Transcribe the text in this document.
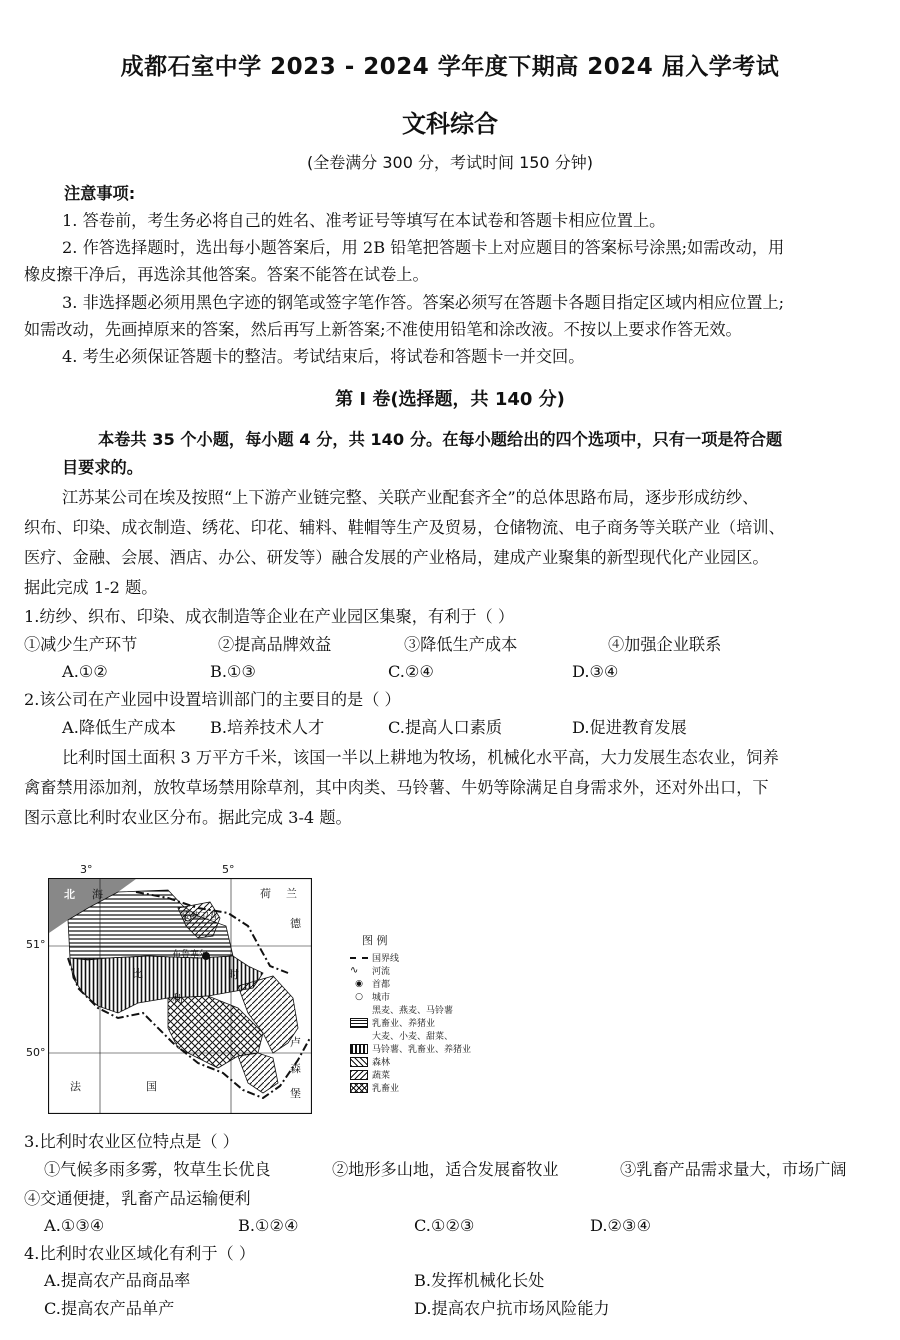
成都石室中学 2023 - 2024 学年度下期高 2024 届入学考试
文科综合
(全卷满分 300 分，考试时间 150 分钟)
注意事项:
1. 答卷前，考生务必将自己的姓名、准考证号等填写在本试卷和答题卡相应位置上。
2. 作答选择题时，选出每小题答案后，用 2B 铅笔把答题卡上对应题目的答案标号涂黑;如需改动，用
橡皮擦干净后，再选涂其他答案。答案不能答在试卷上。
3. 非选择题必须用黑色字迹的钢笔或签字笔作答。答案必须写在答题卡各题目指定区域内相应位置上;
如需改动，先画掉原来的答案，然后再写上新答案;不准使用铅笔和涂改液。不按以上要求作答无效。
4. 考生必须保证答题卡的整洁。考试结束后，将试卷和答题卡一并交回。
第 I 卷(选择题，共 140 分)
本卷共 35 个小题，每小题 4 分，共 140 分。在每小题给出的四个选项中，只有一项是符合题
目要求的。
江苏某公司在埃及按照“上下游产业链完整、关联产业配套齐全”的总体思路布局，逐步形成纺纱、
织布、印染、成衣制造、绣花、印花、辅料、鞋帽等生产及贸易，仓储物流、电子商务等关联产业（培训、
医疗、金融、会展、酒店、办公、研发等）融合发展的产业格局，建成产业聚集的新型现代化产业园区。
据此完成 1-2 题。
1.纺纱、织布、印染、成衣制造等企业在产业园区集聚，有利于（ ）
①减少生产环节	②提高品牌效益	③降低生产成本	④加强企业联系
A.①②	B.①③	C.②④	D.③④
2.该公司在产业园中设置培训部门的主要目的是（ ）
A.降低生产成本 B.培养技术人才	C.提高人口素质	D.促进教育发展
比利时国土面积 3 万平方千米，该国一半以上耕地为牧场，机械化水平高，大力发展生态农业，饲养
禽畜禁用添加剂，放牧草场禁用除草剂，其中肉类、马铃薯、牛奶等除满足自身需求外，还对外出口，下
图示意比利时农业区分布。据此完成 3-4 题。
3°	5°
51°
50°
北 海	荷 兰
德
安特卫普
布鲁塞尔
比
利
时
卢
森
堡
法	国
图 例
国界线
∿	河流
◉	首都
○	城市
黑麦、燕麦、马铃薯
乳畜业、养猪业
大麦、小麦、甜菜、
马铃薯、乳畜业、养猪业
森林
蔬菜
乳畜业
3.比利时农业区位特点是（ ）
①气候多雨多雾，牧草生长优良	②地形多山地，适合发展畜牧业	③乳畜产品需求量大，市场广阔
④交通便捷，乳畜产品运输便利
A.①③④	B.①②④	C.①②③	D.②③④
4.比利时农业区域化有利于（ ）
A.提高农产品商品率	B.发挥机械化长处
C.提高农产品单产	D.提高农户抗市场风险能力
